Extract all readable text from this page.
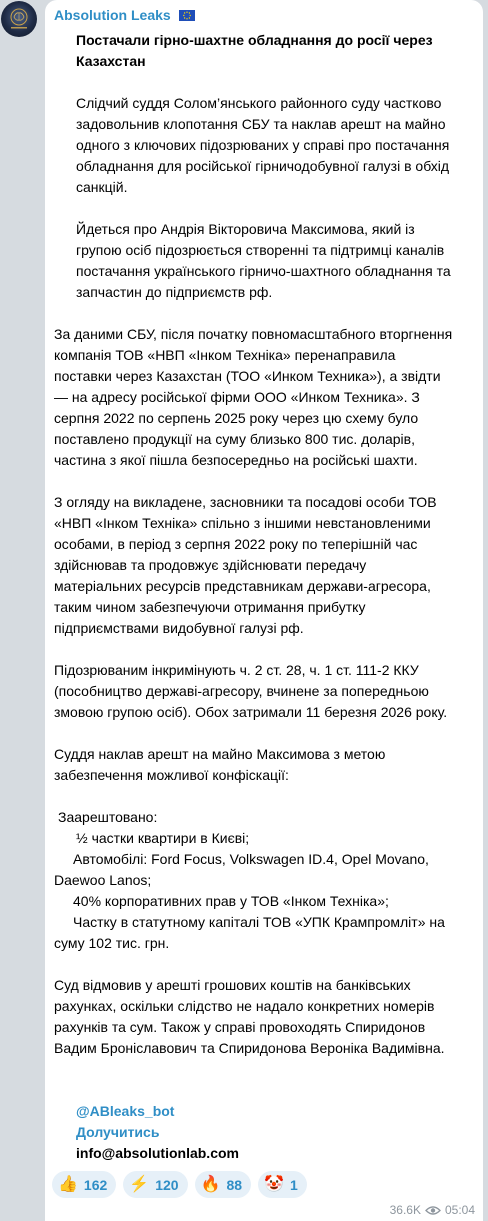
Absolution Leaks

Постачали гірно-шахтне обладнання до росії через Казахстан

Слідчий суддя Солом’янського районного суду частково задовольнив клопотання СБУ та наклав арешт на майно одного з ключових підозрюваних у справі про постачання обладнання для російської гірничодобувної галузі в обхід санкцій.

Йдеться про Андрія Вікторовича Максимова, який із групою осіб підозрюється створенні та підтримці каналів постачання українського гірничо-шахтного обладнання та запчастин до підприємств рф.

За даними СБУ, після початку повномасштабного вторгнення компанія ТОВ «НВП «Інком Техніка» перенаправила поставки через Казахстан (ТОО «Инком Техника»), а звідти — на адресу російської фірми ООО «Инком Техника». З серпня 2022 по серпень 2025 року через цю схему було поставлено продукції на суму близько 800 тис. доларів, частина з якої пішла безпосередньо на російські шахти.

З огляду на викладене, засновники та посадові особи ТОВ «НВП «Інком Техніка» спільно з іншими невстановленими особами, в період з серпня 2022 року по теперішній час здійснював та продовжує здійснювати передачу матеріальних ресурсів представникам держави-агресора, таким чином забезпечуючи отримання прибутку підприємствами видобувної галузі рф.

Підозрюваним інкримінують ч. 2 ст. 28, ч. 1 ст. 111-2 ККУ (пособництво державі-агресору, вчинене за попередньою змовою групою осіб). Обох затримали 11 березня 2026 року.

Суддя наклав арешт на майно Максимова з метою забезпечення можливої конфіскації:

Заарештовано:

½ частки квартири в Києві;

Автомобілі: Ford Focus, Volkswagen ID.4, Opel Movano, Daewoo Lanos;

40% корпоративних прав у ТОВ «Інком Техніка»;

Частку в статутному капіталі ТОВ «УПК Крампромліт» на суму 102 тис. грн.

Суд відмовив у арешті грошових коштів на банківських рахунках, оскільки слідство не надало конкретних номерів рахунків та сум. Також у справі провоходять Спиридонов Вадим Броніславович та Спиридонова Вероніка Вадимівна.

@ABleaks_bot

Долучитись

info@absolutionlab.com

👍 162 ⚡ 120 🔥 88 🤡 1
36.6K 05:04
